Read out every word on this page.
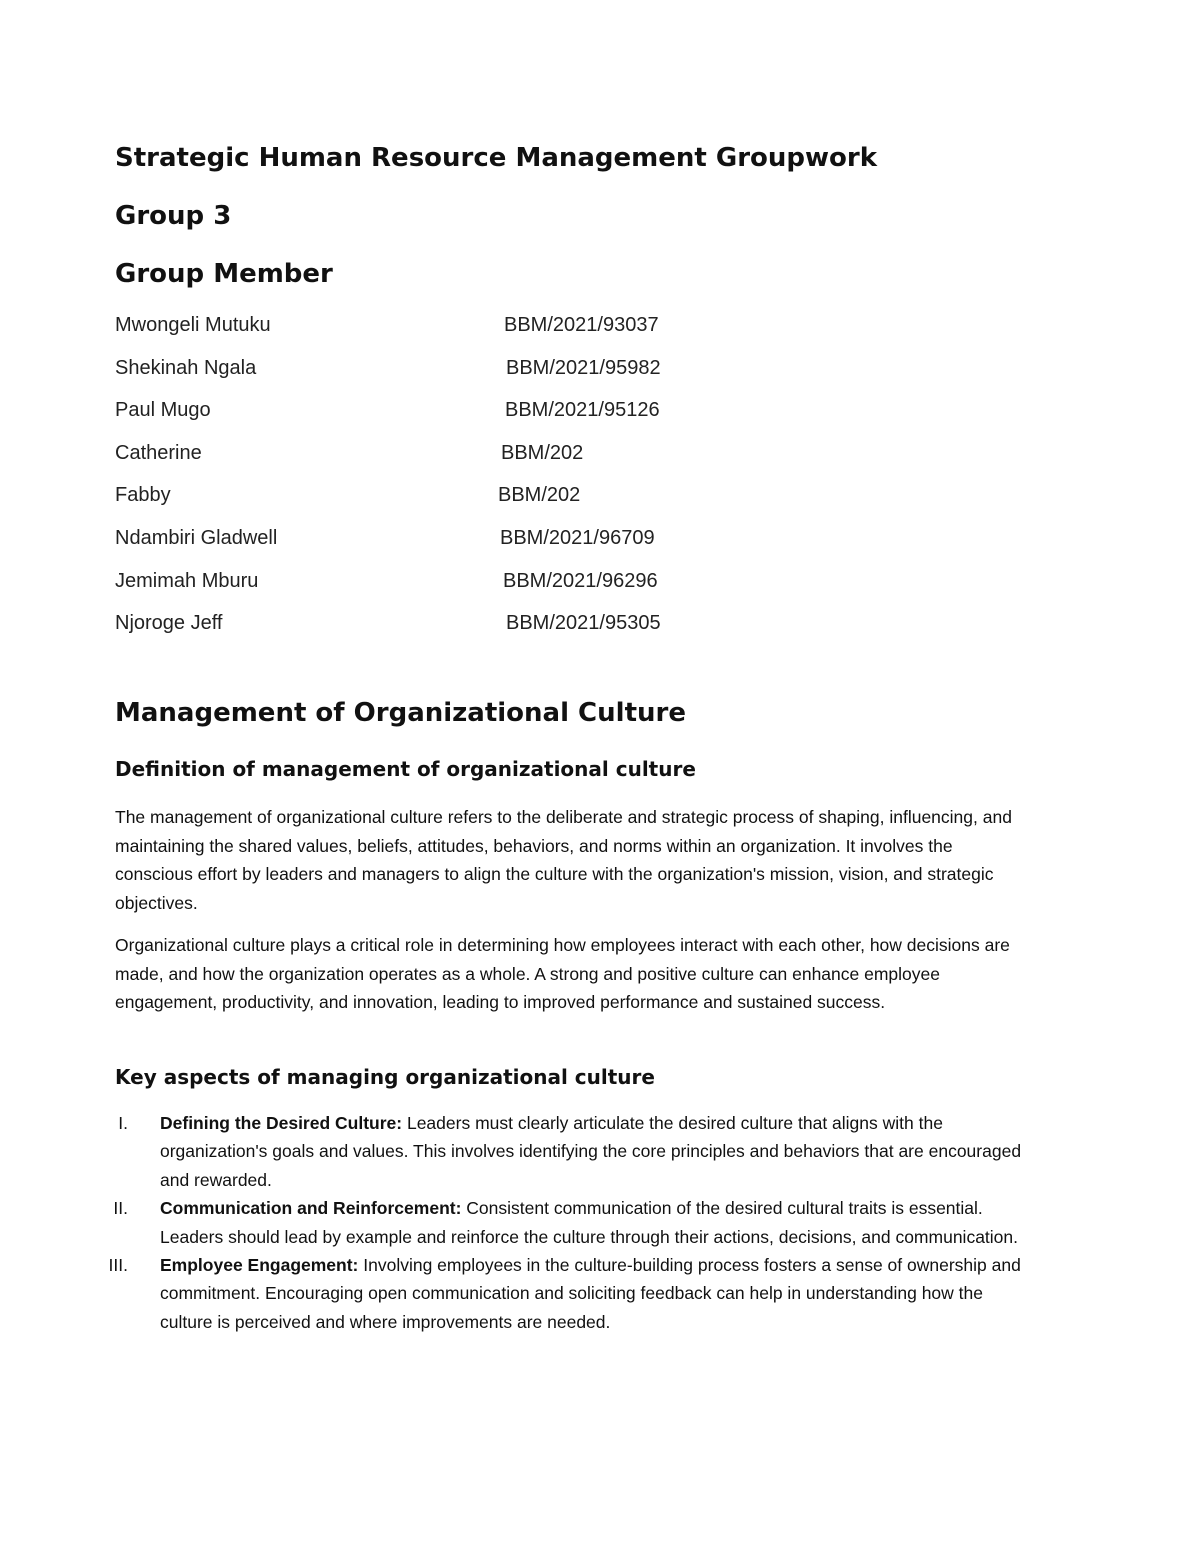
Strategic Human Resource Management Groupwork
Group 3
Group Member
Mwongeli Mutuku	BBM/2021/93037
Shekinah Ngala	BBM/2021/95982
Paul Mugo	BBM/2021/95126
Catherine	BBM/202
Fabby	BBM/202
Ndambiri Gladwell	BBM/2021/96709
Jemimah Mburu	BBM/2021/96296
Njoroge Jeff	BBM/2021/95305
Management of Organizational Culture
Definition of management of organizational culture

The management of organizational culture refers to the deliberate and strategic process of shaping, influencing, and maintaining the shared values, beliefs, attitudes, behaviors, and norms within an organization. It involves the conscious effort by leaders and managers to align the culture with the organization's mission, vision, and strategic objectives.

Organizational culture plays a critical role in determining how employees interact with each other, how decisions are made, and how the organization operates as a whole. A strong and positive culture can enhance employee engagement, productivity, and innovation, leading to improved performance and sustained success.

Key aspects of managing organizational culture
I. Defining the Desired Culture: Leaders must clearly articulate the desired culture that aligns with the organization's goals and values. This involves identifying the core principles and behaviors that are encouraged and rewarded.
II. Communication and Reinforcement: Consistent communication of the desired cultural traits is essential. Leaders should lead by example and reinforce the culture through their actions, decisions, and communication.
III. Employee Engagement: Involving employees in the culture-building process fosters a sense of ownership and commitment. Encouraging open communication and soliciting feedback can help in understanding how the culture is perceived and where improvements are needed.
